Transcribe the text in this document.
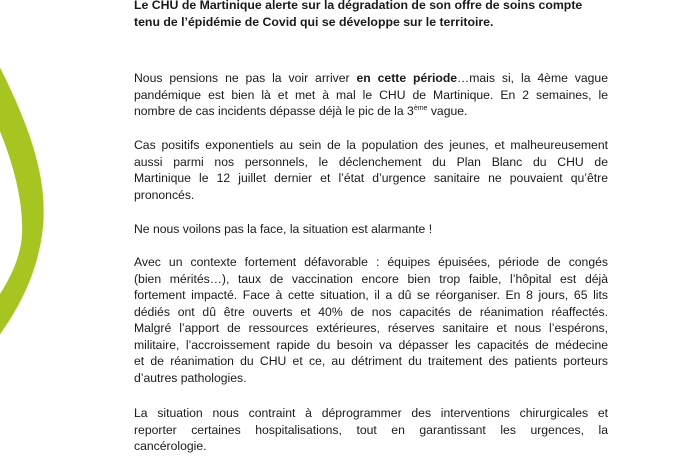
Le CHU de Martinique alerte sur la dégradation de son offre de soins compte
tenu de l’épidémie de Covid qui se développe sur le territoire.
Nous pensions ne pas la voir arriver en cette période…mais si, la 4ème vague
pandémique est bien là et met à mal le CHU de Martinique. En 2 semaines, le
nombre de cas incidents dépasse déjà le pic de la 3ème vague.
Cas positifs exponentiels au sein de la population des jeunes, et malheureusement
aussi parmi nos personnels, le déclenchement du Plan Blanc du CHU de
Martinique le 12 juillet dernier et l’état d’urgence sanitaire ne pouvaient qu’être
prononcés.
Ne nous voilons pas la face, la situation est alarmante !
Avec un contexte fortement défavorable : équipes épuisées, période de congés
(bien mérités…), taux de vaccination encore bien trop faible, l’hôpital est déjà
fortement impacté. Face à cette situation, il a dû se réorganiser. En 8 jours, 65 lits
dédiés ont dû être ouverts et 40% de nos capacités de réanimation réaffectés.
Malgré l’apport de ressources extérieures, réserves sanitaire et nous l’espérons,
militaire, l’accroissement rapide du besoin va dépasser les capacités de médecine
et de réanimation du CHU et ce, au détriment du traitement des patients porteurs
d’autres pathologies.
La situation nous contraint à déprogrammer des interventions chirurgicales et
reporter certaines hospitalisations, tout en garantissant les urgences, la
cancérologie.
